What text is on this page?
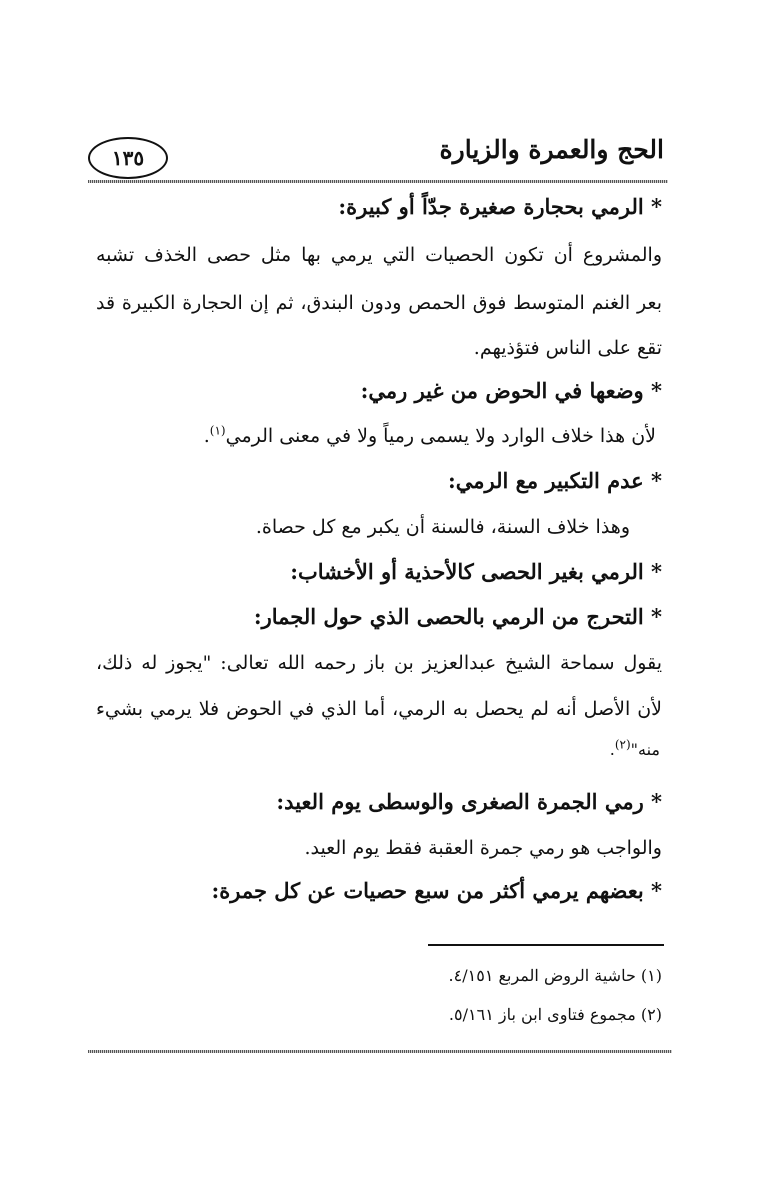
الحج والعمرة والزيارة
١٣٥
* الرمي بحجارة صغيرة جدّاً أو كبيرة:
والمشروع أن تكون الحصيات التي يرمي بها مثل حصى الخذف تشبه
بعر الغنم المتوسط فوق الحمص ودون البندق، ثم إن الحجارة الكبيرة قد
تقع على الناس فتؤذيهم.
* وضعها في الحوض من غير رمي:
لأن هذا خلاف الوارد ولا يسمى رمياً ولا في معنى الرمي$^{(١)}$.
* عدم التكبير مع الرمي:
وهذا خلاف السنة، فالسنة أن يكبر مع كل حصاة.
* الرمي بغير الحصى كالأحذية أو الأخشاب:
* التحرج من الرمي بالحصى الذي حول الجمار:
يقول سماحة الشيخ عبدالعزيز بن باز رحمه الله تعالى: "يجوز له ذلك،
لأن الأصل أنه لم يحصل به الرمي، أما الذي في الحوض فلا يرمي بشيء
منه"$^{(٢)}$.
* رمي الجمرة الصغرى والوسطى يوم العيد:
والواجب هو رمي جمرة العقبة فقط يوم العيد.
* بعضهم يرمي أكثر من سبع حصيات عن كل جمرة:
(١) حاشية الروض المربع ٤/١٥١.
(٢) مجموع فتاوى ابن باز ٥/١٦١.
